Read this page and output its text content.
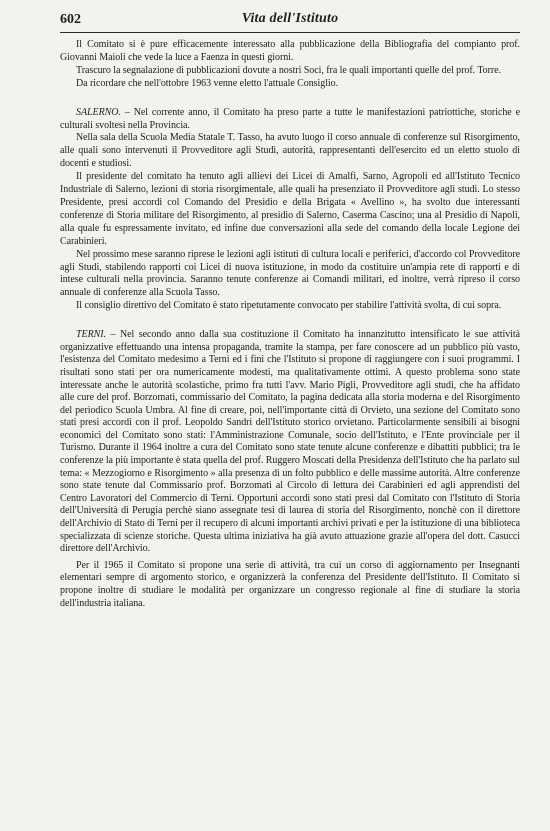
602	Vita dell'Istituto

Il Comitato si è pure efficacemente interessato alla pubblicazione della Bibliografia del compianto prof. Giovanni Maioli che vede la luce a Faenza in questi giorni.

Trascuro la segnalazione di pubblicazioni dovute a nostri Soci, fra le quali importanti quelle del prof. Torre.

Da ricordare che nell'ottobre 1963 venne eletto l'attuale Consiglio.

SALERNO. – Nel corrente anno, il Comitato ha preso parte a tutte le manifestazioni patriottiche, storiche e culturali svoltesi nella Provincia.

Nella sala della Scuola Media Statale T. Tasso, ha avuto luogo il corso annuale di conferenze sul Risorgimento, alle quali sono intervenuti il Provveditore agli Studi, autorità, rappresentanti dell'esercito ed un eletto stuolo di docenti e studiosi.

Il presidente del comitato ha tenuto agli allievi dei Licei di Amalfi, Sarno, Agropoli ed all'Istituto Tecnico Industriale di Salerno, lezioni di storia risorgimentale, alle quali ha presenziato il Provveditore agli studi. Lo stesso Presidente, presi accordi col Comando del Presidio e della Brigata « Avellino », ha svolto due interessanti conferenze di Storia militare del Risorgimento, al presidio di Salerno, Caserma Cascino; una al Presidio di Napoli, alla quale fu espressamente invitato, ed infine due conversazioni alla sede del comando della locale Legione dei Carabinieri.

Nel prossimo mese saranno riprese le lezioni agli istituti di cultura locali e periferici, d'accordo col Provveditore agli Studi, stabilendo rapporti coi Licei di nuova istituzione, in modo da costituire un'ampia rete di rapporti e di intese culturali nella provincia. Saranno tenute conferenze ai Comandi militari, ed inoltre, verrà ripreso il corso annuale di conferenze alla Scuola Tasso.

Il consiglio direttivo del Comitato è stato ripetutamente convocato per stabilire l'attività svolta, di cui sopra.

TERNI. – Nel secondo anno dalla sua costituzione il Comitato ha innanzitutto intensificato le sue attività organizzative effettuando una intensa propaganda, tramite la stampa, per fare conoscere ad un pubblico più vasto, l'esistenza del Comitato medesimo a Terni ed i fini che l'Istituto si propone di raggiungere con i suoi programmi. I risultati sono stati per ora numericamente modesti, ma qualitativamente ottimi. A questo problema sono state interessate anche le autorità scolastiche, primo fra tutti l'avv. Mario Pigli, Provveditore agli studi, che ha affidato alle cure del prof. Borzomati, commissario del Comitato, la pagina dedicata alla storia moderna e del Risorgimento del periodico Scuola Umbra. Al fine di creare, poi, nell'importante città di Orvieto, una sezione del Comitato sono stati presi accordi con il prof. Leopoldo Sandri dell'Istituto storico orvietano. Particolarmente sensibili ai bisogni economici del Comitato sono stati: l'Amministrazione Comunale, socio dell'Istituto, e l'Ente provinciale per il Turismo. Durante il 1964 inoltre a cura del Comitato sono state tenute alcune conferenze e dibattiti pubblici; tra le conferenze la più importante è stata quella del prof. Ruggero Moscati della Presidenza dell'Istituto che ha parlato sul tema: « Mezzogiorno e Risorgimento » alla presenza di un folto pubblico e delle massime autorità. Altre conferenze sono state tenute dal Commissario prof. Borzomati al Circolo di lettura dei Carabinieri ed agli apprendisti del Centro Lavoratori del Commercio di Terni. Opportuni accordi sono stati presi dal Comitato con l'Istituto di Storia dell'Università di Perugia perchè siano assegnate tesi di laurea di storia del Risorgimento, nonchè con il direttore dell'Archivio di Stato di Terni per il recupero di alcuni importanti archivi privati e per la istituzione di una biblioteca specializzata di scienze storiche. Questa ultima iniziativa ha già avuto attuazione grazie all'opera del dott. Casucci direttore dell'Archivio.

Per il 1965 il Comitato si propone una serie di attività, tra cui un corso di aggiornamento per Insegnanti elementari sempre di argomento storico, e organizzerà la conferenza del Presidente dell'Istituto. Il Comitato si propone inoltre di studiare le modalità per organizzare un congresso regionale al fine di studiare la storia dell'industria italiana.
